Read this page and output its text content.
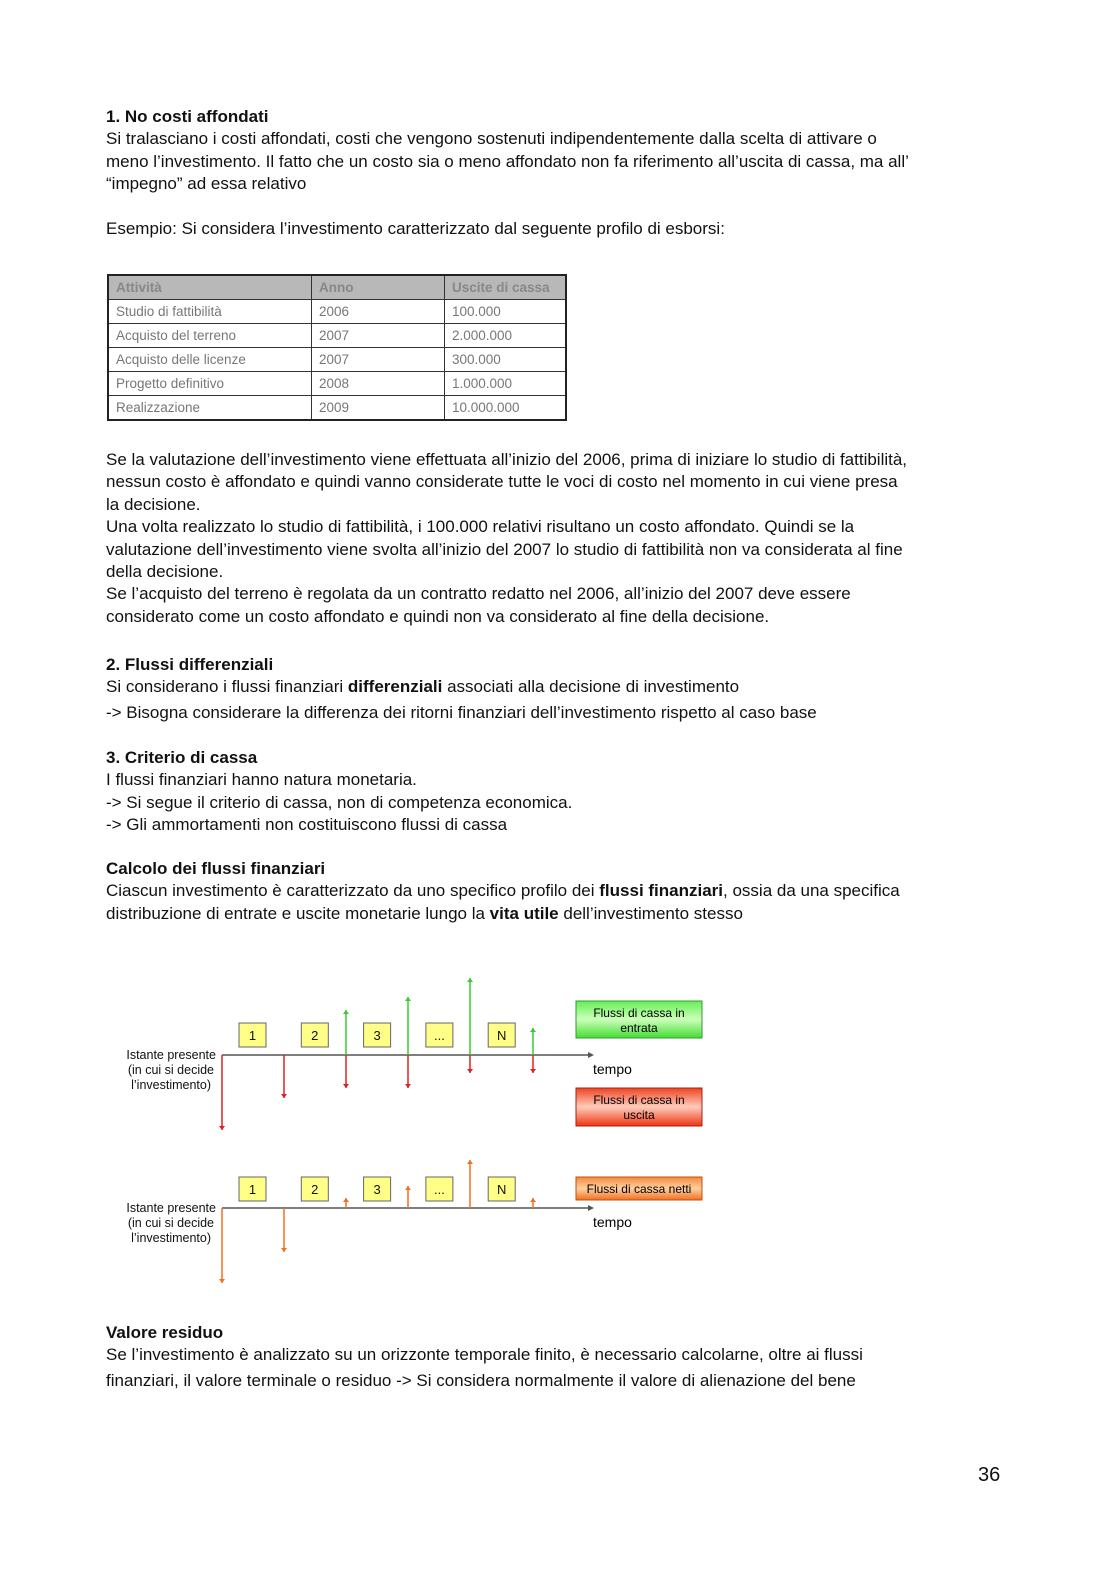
1. No costi affondati

Si tralasciano i costi affondati, costi che vengono sostenuti indipendentemente dalla scelta di attivare o

meno l’investimento. Il fatto che un costo sia o meno affondato non fa riferimento all’uscita di cassa, ma all’

“impegno” ad essa relativo

Esempio: Si considera l’investimento caratterizzato dal seguente profilo di esborsi:

Attività	Anno	Uscite di cassa
Studio di fattibilità	2006	100.000
Acquisto del terreno	2007	2.000.000
Acquisto delle licenze	2007	300.000
Progetto definitivo	2008	1.000.000
Realizzazione	2009	10.000.000

Se la valutazione dell’investimento viene effettuata all’inizio del 2006, prima di iniziare lo studio di fattibilità,

nessun costo è affondato e quindi vanno considerate tutte le voci di costo nel momento in cui viene presa

la decisione.

Una volta realizzato lo studio di fattibilità, i 100.000 relativi risultano un costo affondato. Quindi se la

valutazione dell’investimento viene svolta all’inizio del 2007 lo studio di fattibilità non va considerata al fine

della decisione.

Se l’acquisto del terreno è regolata da un contratto redatto nel 2006, all’inizio del 2007 deve essere

considerato come un costo affondato e quindi non va considerato al fine della decisione.

2. Flussi differenziali

Si considerano i flussi finanziari differenziali associati alla decisione di investimento

-> Bisogna considerare la differenza dei ritorni finanziari dell’investimento rispetto al caso base

3. Criterio di cassa

I flussi finanziari hanno natura monetaria.

-> Si segue il criterio di cassa, non di competenza economica.

-> Gli ammortamenti non costituiscono flussi di cassa

Calcolo dei flussi finanziari

Ciascun investimento è caratterizzato da uno specifico profilo dei flussi finanziari, ossia da una specifica

distribuzione di entrate e uscite monetarie lungo la vita utile dell’investimento stesso

1	2	3	...	N
1	2	3	...	N
Istante presente
(in cui si decide
l’investimento)
Istante presente
(in cui si decide
l’investimento)
tempo
tempo
Flussi di cassa in
entrata
Flussi di cassa in
uscita
Flussi di cassa netti

Valore residuo

Se l’investimento è analizzato su un orizzonte temporale finito, è necessario calcolarne, oltre ai flussi

finanziari, il valore terminale o residuo -> Si considera normalmente il valore di alienazione del bene

36
